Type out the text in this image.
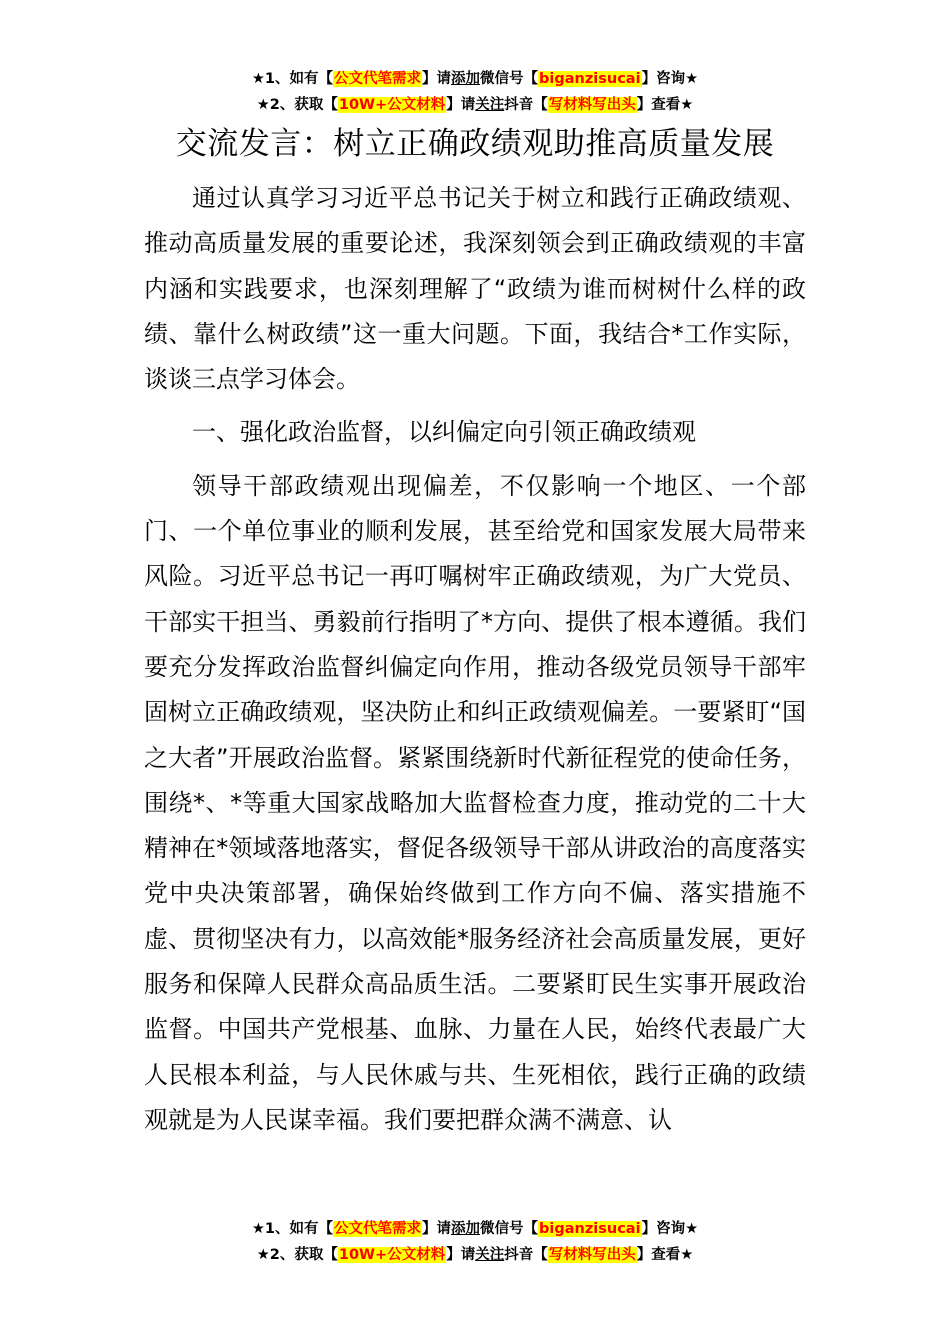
★1、如有【公文代笔需求】请添加微信号【biganzisucai】咨询★
★2、获取【10W+公文材料】请关注抖音【写材料写出头】查看★
交流发言：树立正确政绩观助推高质量发展

通过认真学习习近平总书记关于树立和践行正确政绩观、推动高质量发展的重要论述，我深刻领会到正确政绩观的丰富内涵和实践要求，也深刻理解了“政绩为谁而树树什么样的政绩、靠什么树政绩”这一重大问题。下面，我结合*工作实际，谈谈三点学习体会。

一、强化政治监督，以纠偏定向引领正确政绩观

领导干部政绩观出现偏差，不仅影响一个地区、一个部门、一个单位事业的顺利发展，甚至给党和国家发展大局带来风险。习近平总书记一再叮嘱树牢正确政绩观，为广大党员、干部实干担当、勇毅前行指明了*方向、提供了根本遵循。我们要充分发挥政治监督纠偏定向作用，推动各级党员领导干部牢固树立正确政绩观，坚决防止和纠正政绩观偏差。一要紧盯“国之大者”开展政治监督。紧紧围绕新时代新征程党的使命任务，围绕*、*等重大国家战略加大监督检查力度，推动党的二十大精神在*领域落地落实，督促各级领导干部从讲政治的高度落实党中央决策部署，确保始终做到工作方向不偏、落实措施不虚、贯彻坚决有力，以高效能*服务经济社会高质量发展，更好服务和保障人民群众高品质生活。二要紧盯民生实事开展政治监督。中国共产党根基、血脉、力量在人民，始终代表最广大人民根本利益，与人民休戚与共、生死相依，践行正确的政绩观就是为人民谋幸福。我们要把群众满不满意、认

★1、如有【公文代笔需求】请添加微信号【biganzisucai】咨询★
★2、获取【10W+公文材料】请关注抖音【写材料写出头】查看★
